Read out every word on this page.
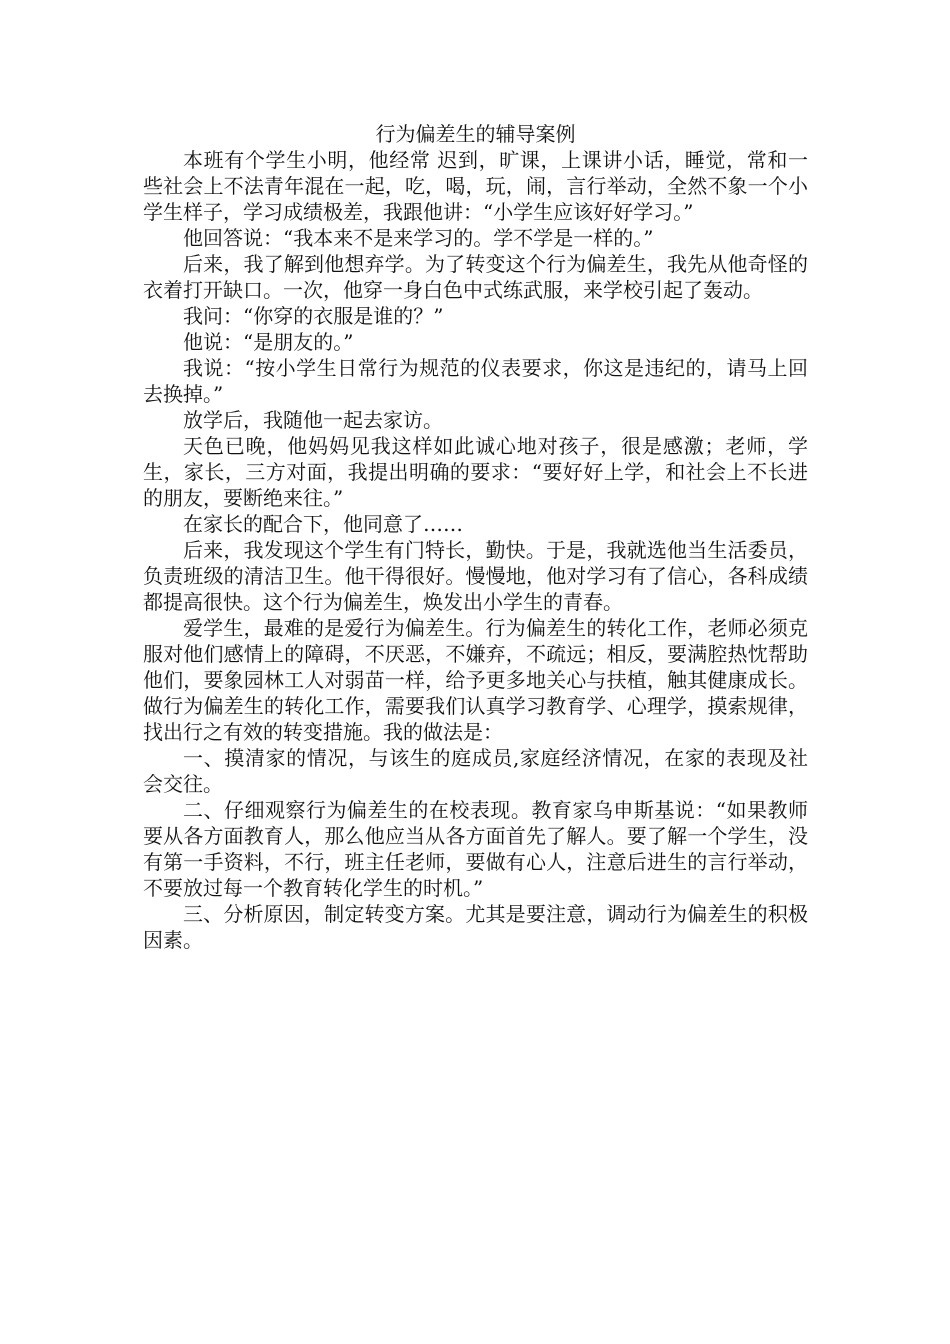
行为偏差生的辅导案例

本班有个学生小明，他经常 迟到，旷课，上课讲小话，睡觉，常和一些社会上不法青年混在一起，吃，喝，玩，闹，言行举动，全然不象一个小学生样子，学习成绩极差，我跟他讲：“小学生应该好好学习。”

他回答说：“我本来不是来学习的。学不学是一样的。”

后来，我了解到他想弃学。为了转变这个行为偏差生，我先从他奇怪的衣着打开缺口。一次，他穿一身白色中式练武服，来学校引起了轰动。

我问：“你穿的衣服是谁的？”

他说：“是朋友的。”

我说：“按小学生日常行为规范的仪表要求，你这是违纪的，请马上回去换掉。”

放学后，我随他一起去家访。

天色已晚，他妈妈见我这样如此诚心地对孩子，很是感激；老师，学生，家长，三方对面，我提出明确的要求：“要好好上学，和社会上不长进的朋友，要断绝来往。”

在家长的配合下，他同意了……

后来，我发现这个学生有门特长，勤快。于是，我就选他当生活委员，负责班级的清洁卫生。他干得很好。慢慢地，他对学习有了信心，各科成绩都提高很快。这个行为偏差生，焕发出小学生的青春。

爱学生，最难的是爱行为偏差生。行为偏差生的转化工作，老师必须克服对他们感情上的障碍，不厌恶，不嫌弃，不疏远；相反，要满腔热忱帮助他们，要象园林工人对弱苗一样，给予更多地关心与扶植，触其健康成长。做行为偏差生的转化工作，需要我们认真学习教育学、心理学，摸索规律，找出行之有效的转变措施。我的做法是：

一、摸清家的情况，与该生的庭成员,家庭经济情况，在家的表现及社会交往。

二、仔细观察行为偏差生的在校表现。教育家乌申斯基说：“如果教师要从各方面教育人，那么他应当从各方面首先了解人。要了解一个学生，没有第一手资料，不行，班主任老师，要做有心人，注意后进生的言行举动，不要放过每一个教育转化学生的时机。”

三、分析原因，制定转变方案。尤其是要注意，调动行为偏差生的积极因素。
